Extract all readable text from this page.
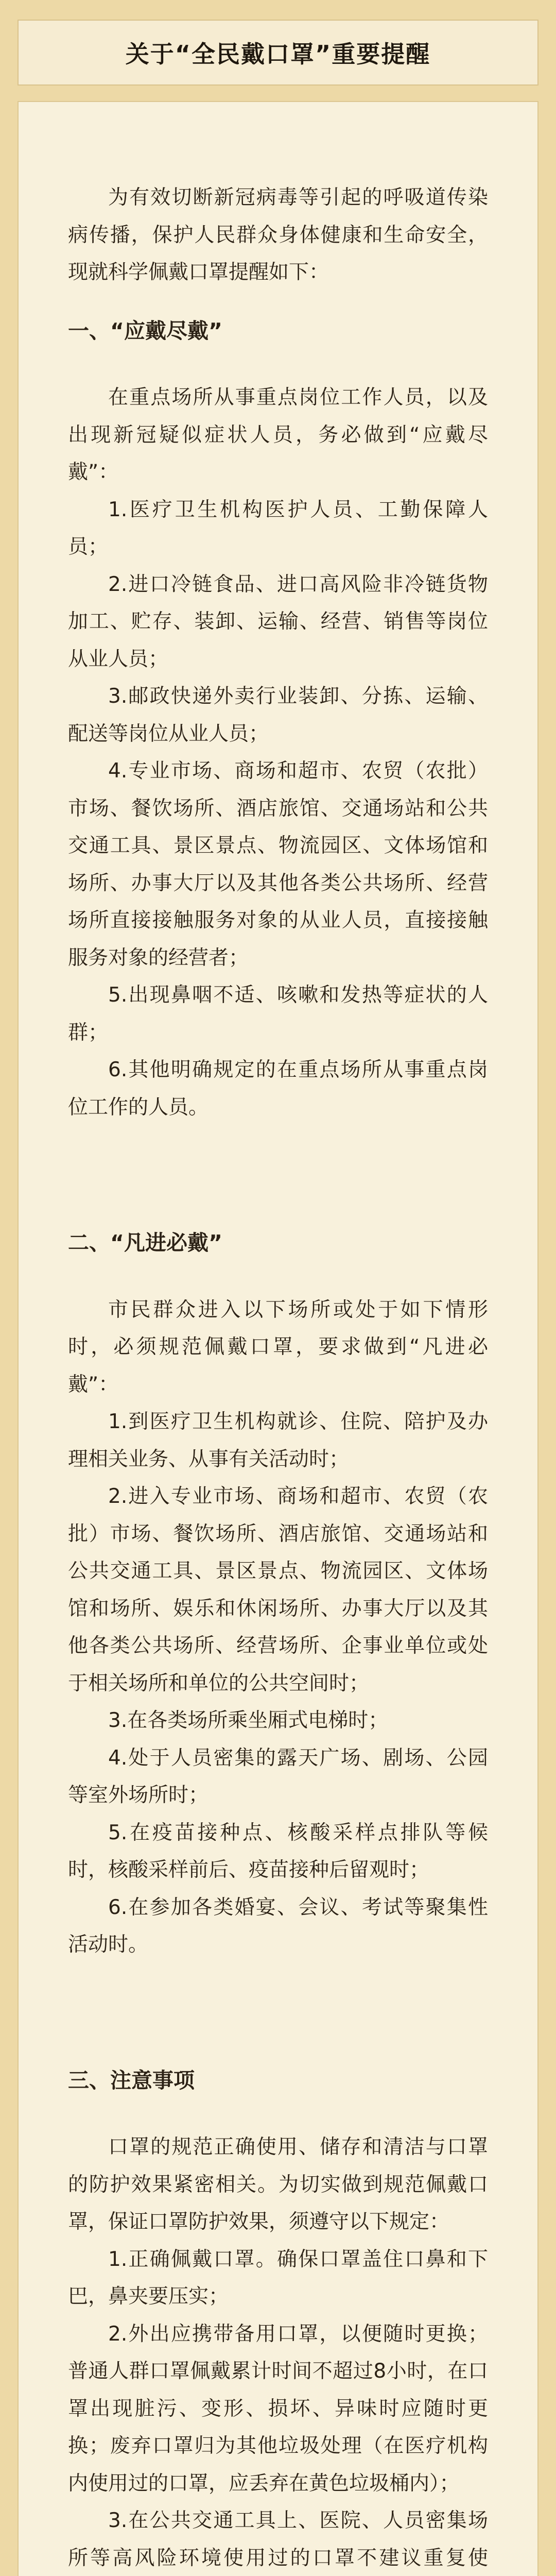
关于“全民戴口罩”重要提醒

为有效切断新冠病毒等引起的呼吸道传染病传播，保护人民群众身体健康和生命安全，现就科学佩戴口罩提醒如下：

一、“应戴尽戴”

在重点场所从事重点岗位工作人员，以及出现新冠疑似症状人员，务必做到“应戴尽戴”：

1.医疗卫生机构医护人员、工勤保障人员；

2.进口冷链食品、进口高风险非冷链货物加工、贮存、装卸、运输、经营、销售等岗位从业人员；

3.邮政快递外卖行业装卸、分拣、运输、配送等岗位从业人员；

4.专业市场、商场和超市、农贸（农批）市场、餐饮场所、酒店旅馆、交通场站和公共交通工具、景区景点、物流园区、文体场馆和场所、办事大厅以及其他各类公共场所、经营场所直接接触服务对象的从业人员，直接接触服务对象的经营者；

5.出现鼻咽不适、咳嗽和发热等症状的人群；

6.其他明确规定的在重点场所从事重点岗位工作的人员。

二、“凡进必戴”

市民群众进入以下场所或处于如下情形时，必须规范佩戴口罩，要求做到“凡进必戴”：

1.到医疗卫生机构就诊、住院、陪护及办理相关业务、从事有关活动时；

2.进入专业市场、商场和超市、农贸（农批）市场、餐饮场所、酒店旅馆、交通场站和公共交通工具、景区景点、物流园区、文体场馆和场所、娱乐和休闲场所、办事大厅以及其他各类公共场所、经营场所、企事业单位或处于相关场所和单位的公共空间时；

3.在各类场所乘坐厢式电梯时；

4.处于人员密集的露天广场、剧场、公园等室外场所时；

5.在疫苗接种点、核酸采样点排队等候时，核酸采样前后、疫苗接种后留观时；

6.在参加各类婚宴、会议、考试等聚集性活动时。

三、注意事项

口罩的规范正确使用、储存和清洁与口罩的防护效果紧密相关。为切实做到规范佩戴口罩，保证口罩防护效果，须遵守以下规定：

1.正确佩戴口罩。确保口罩盖住口鼻和下巴，鼻夹要压实；

2.外出应携带备用口罩，以便随时更换；普通人群口罩佩戴累计时间不超过8小时，在口罩出现脏污、变形、损坏、异味时应随时更换；废弃口罩归为其他垃圾处理（在医疗机构内使用过的口罩，应丢弃在黄色垃圾桶内）；

3.在公共交通工具上、医院、人员密集场所等高风险环境使用过的口罩不建议重复使
